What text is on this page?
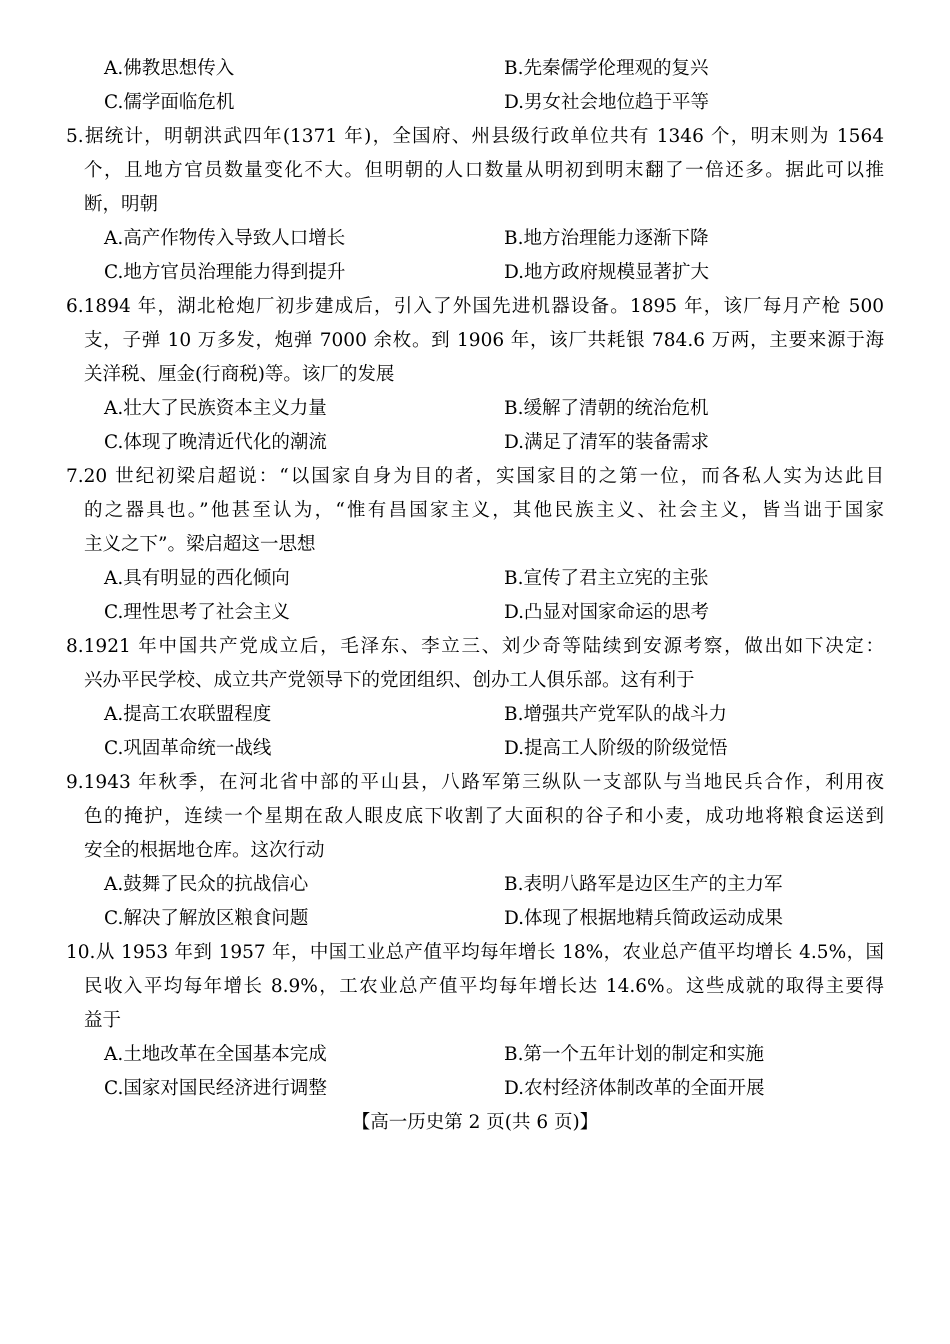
A.佛教思想传入	B.先秦儒学伦理观的复兴
C.儒学面临危机	D.男女社会地位趋于平等
5.据统计，明朝洪武四年(1371 年)，全国府、州县级行政单位共有 1346 个，明末则为 1564
个，且地方官员数量变化不大。但明朝的人口数量从明初到明末翻了一倍还多。据此可以推
断，明朝
A.高产作物传入导致人口增长	B.地方治理能力逐渐下降
C.地方官员治理能力得到提升	D.地方政府规模显著扩大
6.1894 年，湖北枪炮厂初步建成后，引入了外国先进机器设备。1895 年，该厂每月产枪 500
支，子弹 10 万多发，炮弹 7000 余枚。到 1906 年，该厂共耗银 784.6 万两，主要来源于海
关洋税、厘金(行商税)等。该厂的发展
A.壮大了民族资本主义力量	B.缓解了清朝的统治危机
C.体现了晚清近代化的潮流	D.满足了清军的装备需求
7.20 世纪初梁启超说：“以国家自身为目的者，实国家目的之第一位，而各私人实为达此目
的之器具也。”他甚至认为，“惟有昌国家主义，其他民族主义、社会主义，皆当诎于国家
主义之下”。梁启超这一思想
A.具有明显的西化倾向	B.宣传了君主立宪的主张
C.理性思考了社会主义	D.凸显对国家命运的思考
8.1921 年中国共产党成立后，毛泽东、李立三、刘少奇等陆续到安源考察，做出如下决定：
兴办平民学校、成立共产党领导下的党团组织、创办工人俱乐部。这有利于
A.提高工农联盟程度	B.增强共产党军队的战斗力
C.巩固革命统一战线	D.提高工人阶级的阶级觉悟
9.1943 年秋季，在河北省中部的平山县，八路军第三纵队一支部队与当地民兵合作，利用夜
色的掩护，连续一个星期在敌人眼皮底下收割了大面积的谷子和小麦，成功地将粮食运送到
安全的根据地仓库。这次行动
A.鼓舞了民众的抗战信心	B.表明八路军是边区生产的主力军
C.解决了解放区粮食问题	D.体现了根据地精兵简政运动成果
10.从 1953 年到 1957 年，中国工业总产值平均每年增长 18%，农业总产值平均增长 4.5%，国
民收入平均每年增长 8.9%，工农业总产值平均每年增长达 14.6%。这些成就的取得主要得
益于
A.土地改革在全国基本完成	B.第一个五年计划的制定和实施
C.国家对国民经济进行调整	D.农村经济体制改革的全面开展
【高一历史第 2 页(共 6 页)】
